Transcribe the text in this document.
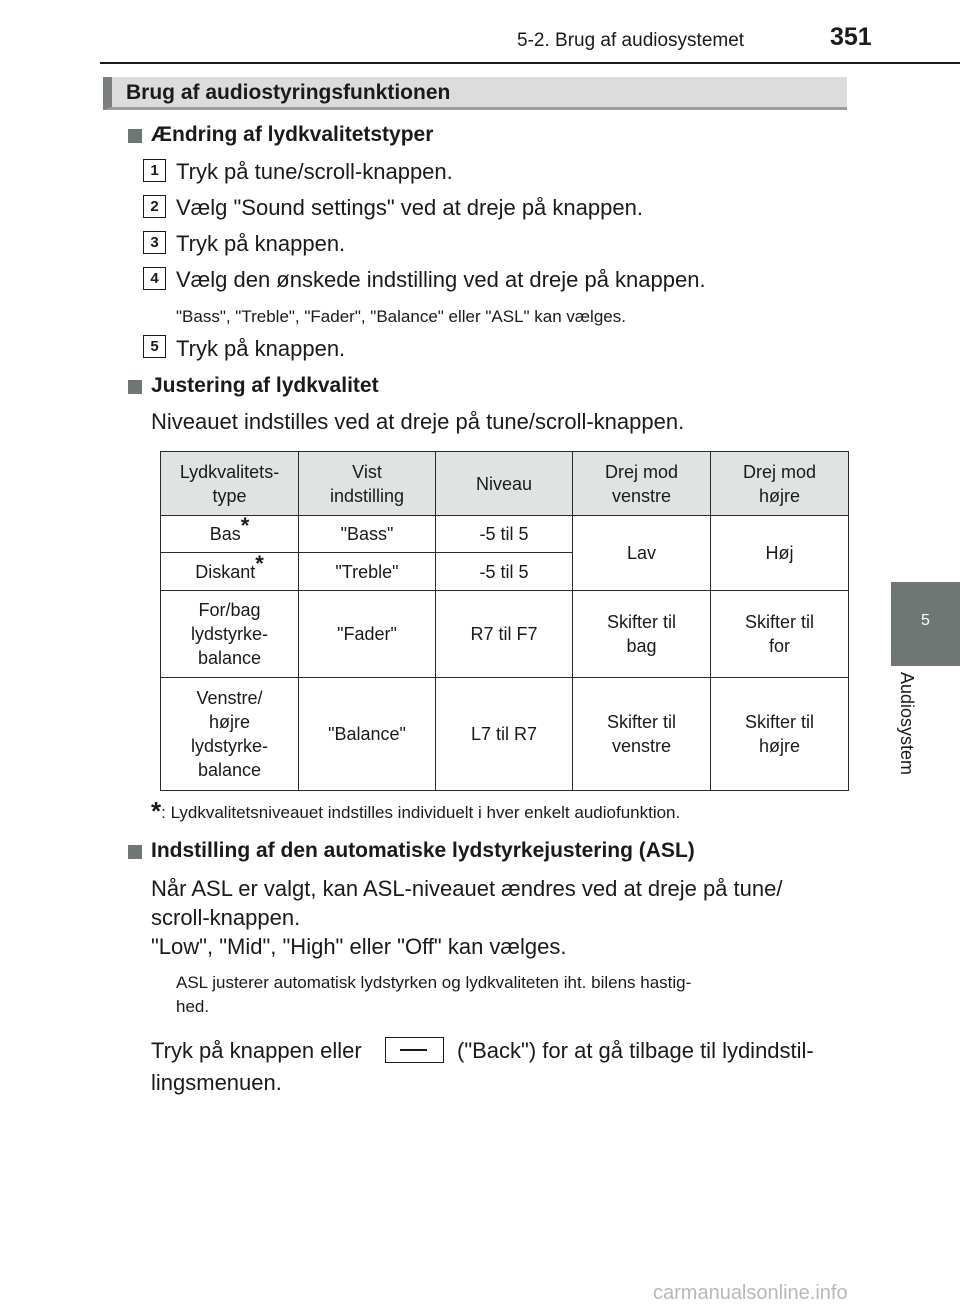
5-2. Brug af audiosystemet	351
5
Audiosystem
Brug af audiostyringsfunktionen
Ændring af lydkvalitetstyper
1 Tryk på tune/scroll-knappen.
2 Vælg "Sound settings" ved at dreje på knappen.
3 Tryk på knappen.
4 Vælg den ønskede indstilling ved at dreje på knappen.
"Bass", "Treble", "Fader", "Balance" eller "ASL" kan vælges.
5 Tryk på knappen.
Justering af lydkvalitet
Niveauet indstilles ved at dreje på tune/scroll-knappen.
Lydkvalitets-
type	Vist
indstilling	Niveau	Drej mod
venstre	Drej mod
højre
Bas*	"Bass"	-5 til 5	Lav	Høj
Diskant*	"Treble"	-5 til 5		
For/bag
lydstyrke-
balance	"Fader"	R7 til F7	Skifter til
bag	Skifter til
for
Venstre/
højre
lydstyrke-
balance	"Balance"	L7 til R7	Skifter til
venstre	Skifter til
højre
*: Lydkvalitetsniveauet indstilles individuelt i hver enkelt audiofunktion.
Indstilling af den automatiske lydstyrkejustering (ASL)
Når ASL er valgt, kan ASL-niveauet ændres ved at dreje på tune/
scroll-knappen.
"Low", "Mid", "High" eller "Off" kan vælges.
ASL justerer automatisk lydstyrken og lydkvaliteten iht. bilens hastig-
hed.
Tryk på knappen eller	("Back") for at gå tilbage til lydindstil-
lingsmenuen.
carmanualsonline.info
